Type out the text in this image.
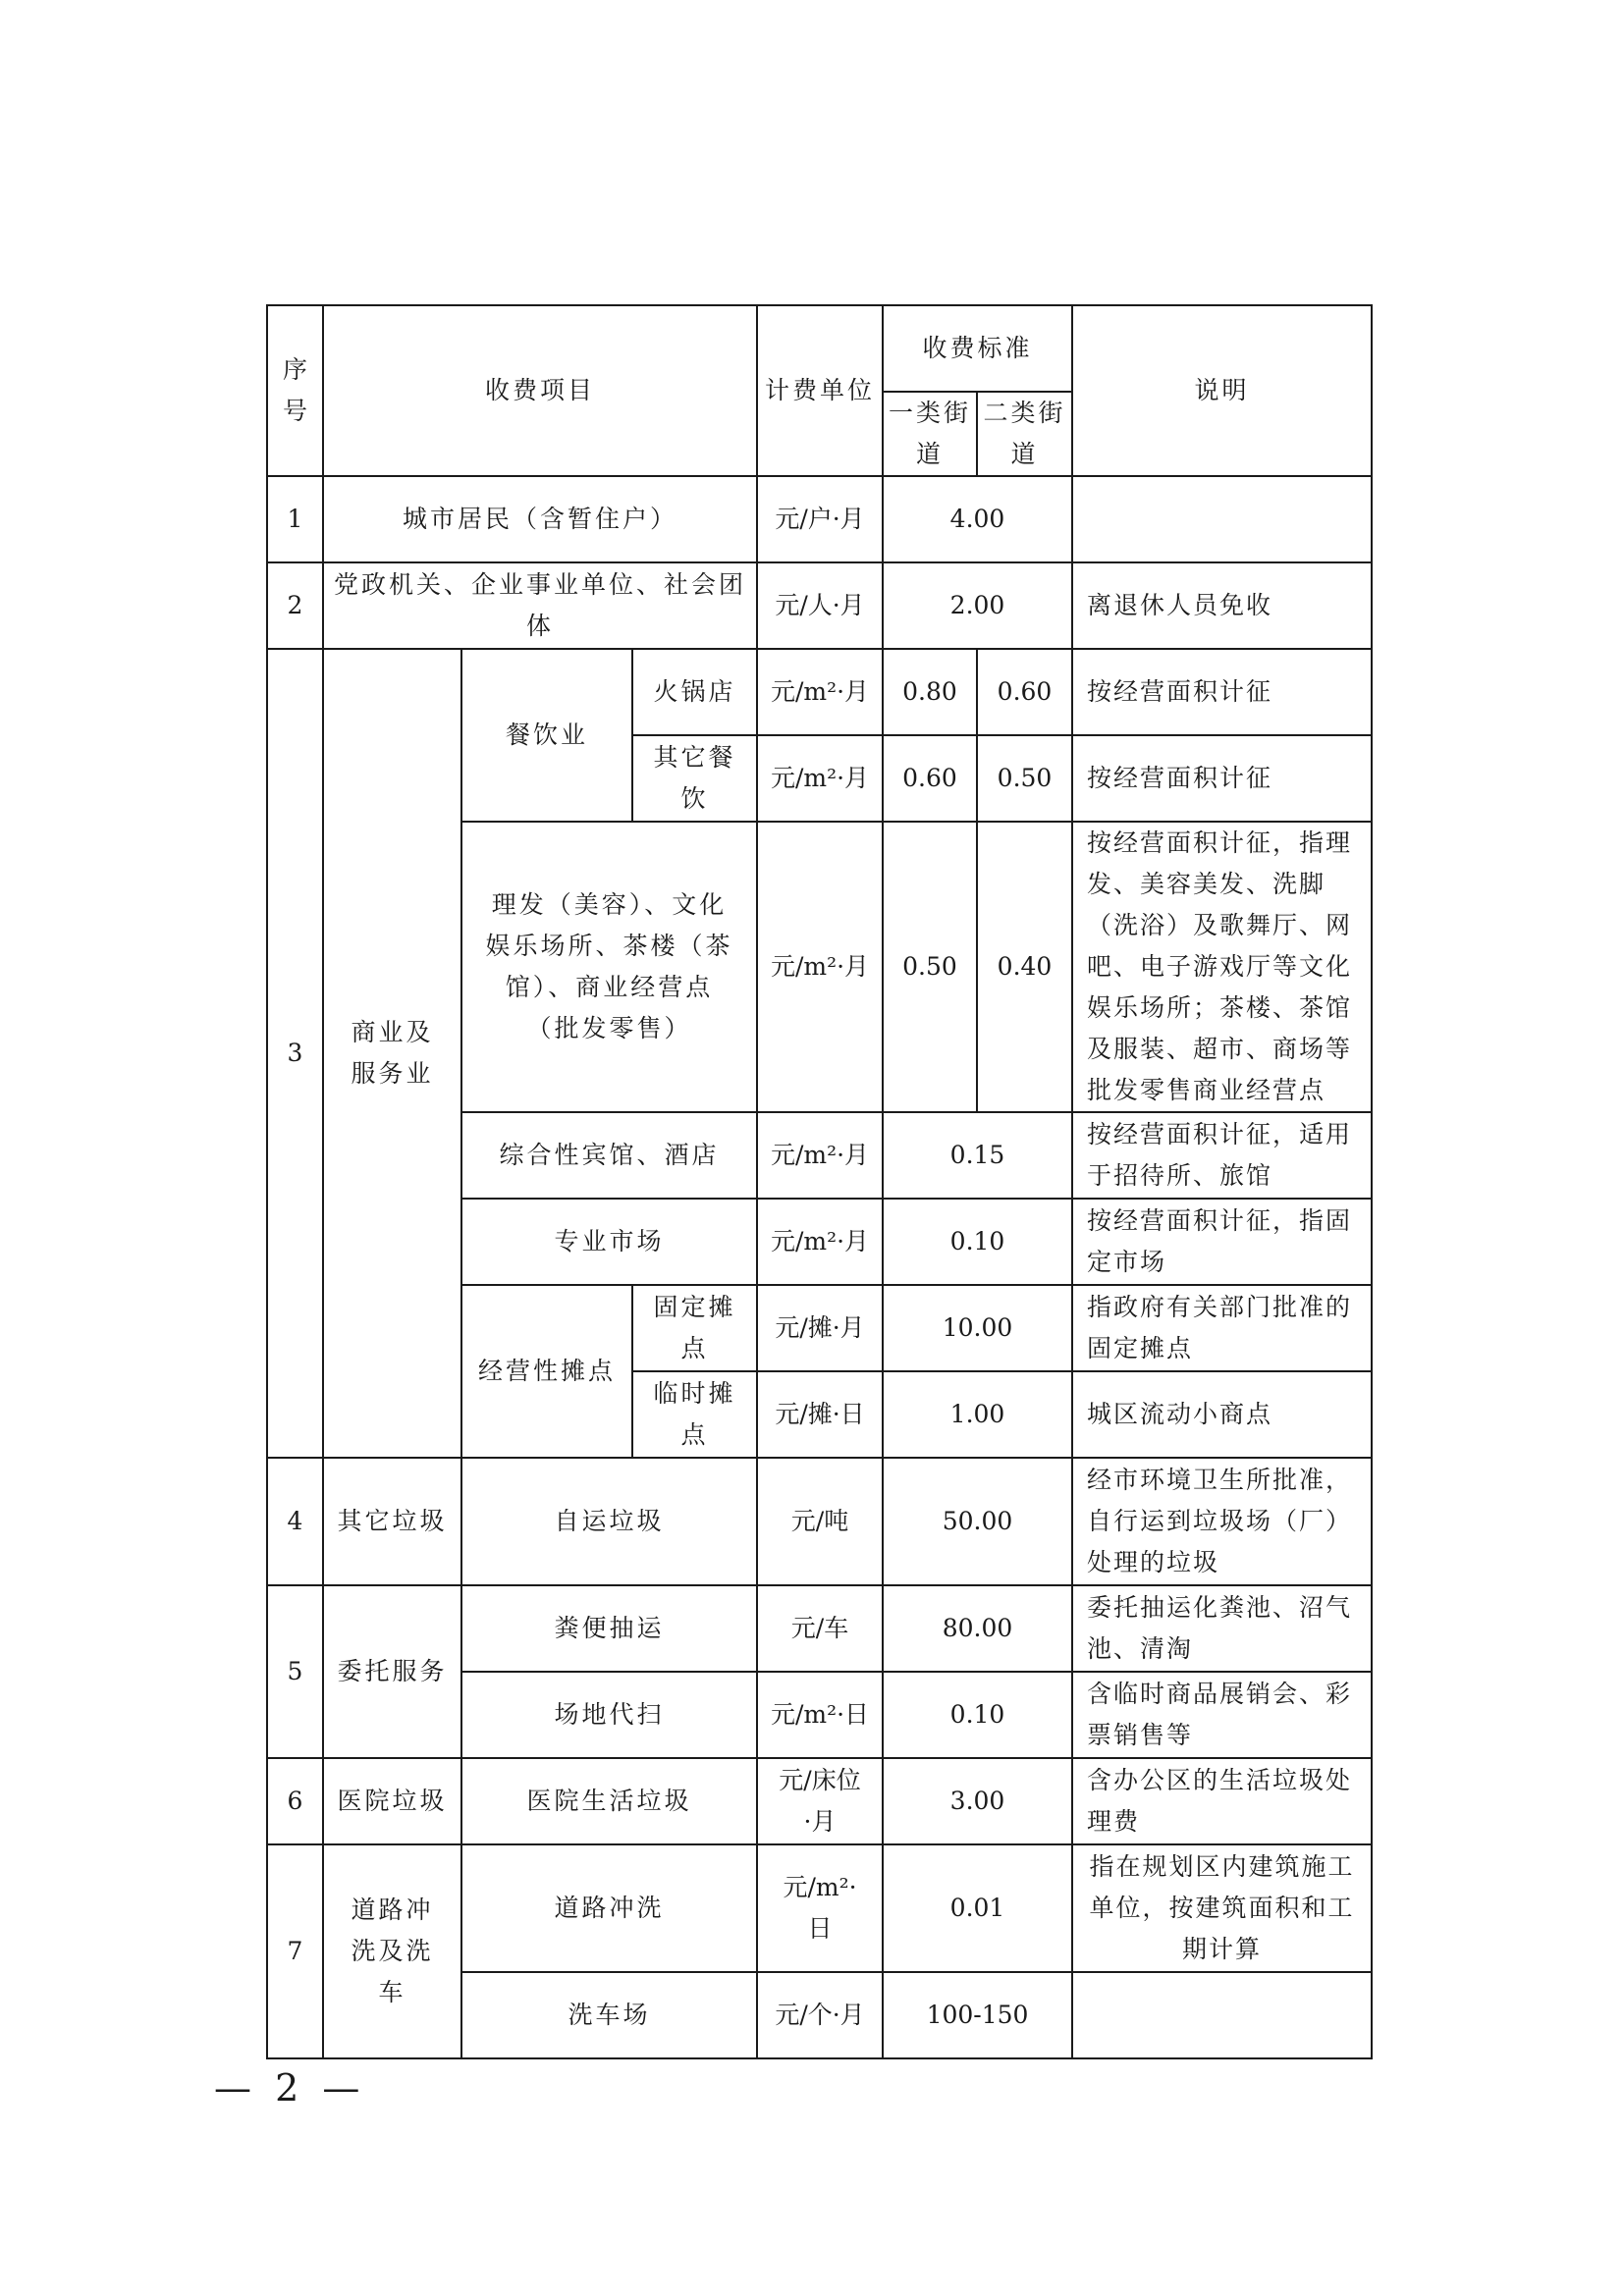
序号	收费项目			计费单位	收费标准		说明
					一类街道	二类街道	
1	城市居民（含暂住户）			元/户·月	4.00		
2	党政机关、企业事业单位、社会团体			元/人·月	2.00		离退休人员免收
3	商业及服务业	餐饮业	火锅店	元/m²·月	0.80	0.60	按经营面积计征
			其它餐饮	元/m²·月	0.60	0.50	按经营面积计征
		理发（美容）、文化娱乐场所、茶楼（茶馆）、商业经营点（批发零售）		元/m²·月	0.50	0.40	按经营面积计征，指理发、美容美发、洗脚（洗浴）及歌舞厅、网吧、电子游戏厅等文化娱乐场所；茶楼、茶馆及服装、超市、商场等批发零售商业经营点
		综合性宾馆、酒店		元/m²·月	0.15		按经营面积计征，适用于招待所、旅馆
		专业市场		元/m²·月	0.10		按经营面积计征，指固定市场
		经营性摊点	固定摊点	元/摊·月	10.00		指政府有关部门批准的固定摊点
			临时摊点	元/摊·日	1.00		城区流动小商点

4	其它垃圾	自运垃圾		元/吨	50.00		经市环境卫生所批准，自行运到垃圾场（厂）处理的垃圾
5	委托服务	粪便抽运		元/车	80.00		委托抽运化粪池、沼气池、清淘
		场地代扫		元/m²·日	0.10		含临时商品展销会、彩票销售等
6	医院垃圾	医院生活垃圾		元/床位·月	3.00		含办公区的生活垃圾处理费
7	道路冲洗及洗车	道路冲洗		元/m²·日	0.01		指在规划区内建筑施工单位，按建筑面积和工期计算
		洗车场		元/个·月	100-150		
— 2 —
